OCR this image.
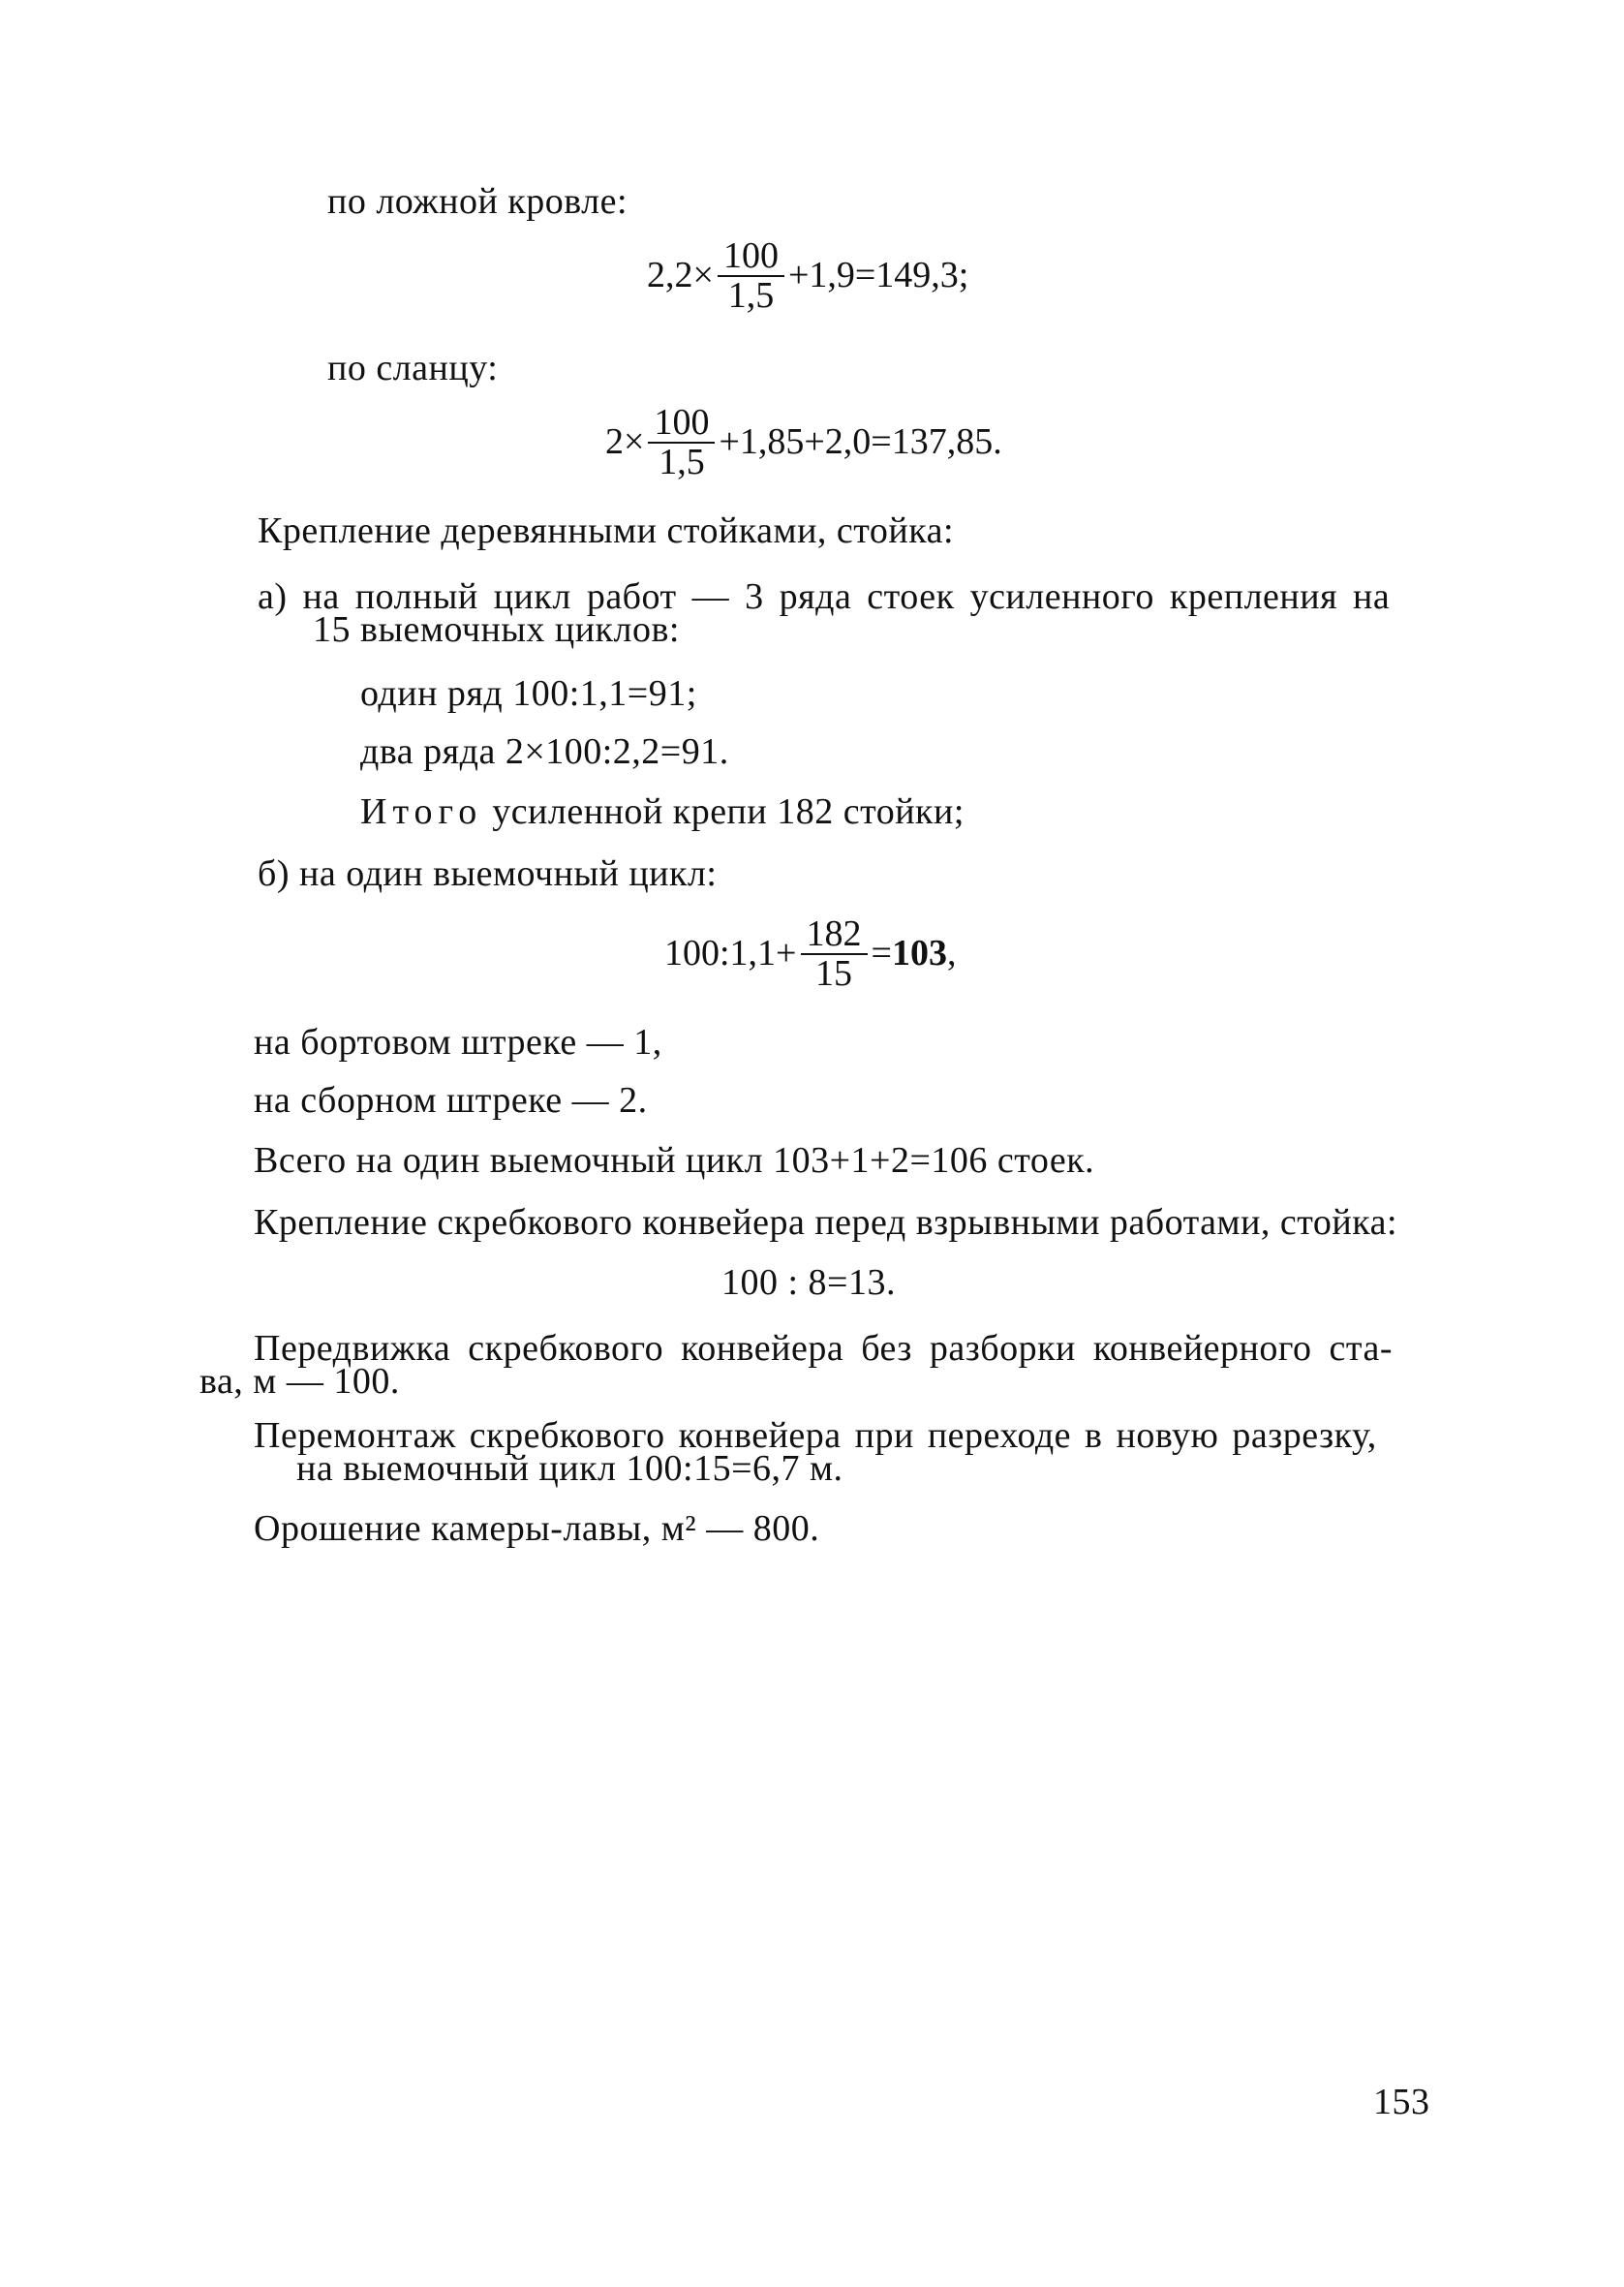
по ложной кровле:
$2,2\times \frac{100}{1,5} +1,9=149,3$;
по сланцу:
$2\times \frac{100}{1,5} +1,85+2,0=137,85$.
Крепление деревянными стойками, стойка:
а) на полный цикл работ — 3 ряда стоек усиленного крепления на
15 выемочных циклов:
один ряд 100:1,1=91;
два ряда 2×100:2,2=91.
Итого усиленной крепи 182 стойки;
б) на один выемочный цикл:
100:1,1+ $\frac{182}{15} = 103$ ,
на бортовом штреке — 1,
на сборном штреке — 2.
Всего на один выемочный цикл 103+1+2=106 стоек.
Крепление скребкового конвейера перед взрывными работами, стойка:
100 : 8=13.
Передвижка скребкового конвейера без разборки конвейерного ста-
ва, м — 100.
Перемонтаж скребкового конвейера при переходе в новую разрезку,
на выемочный цикл 100:15=6,7 м.
Орошение камеры-лавы, м² — 800.
153
